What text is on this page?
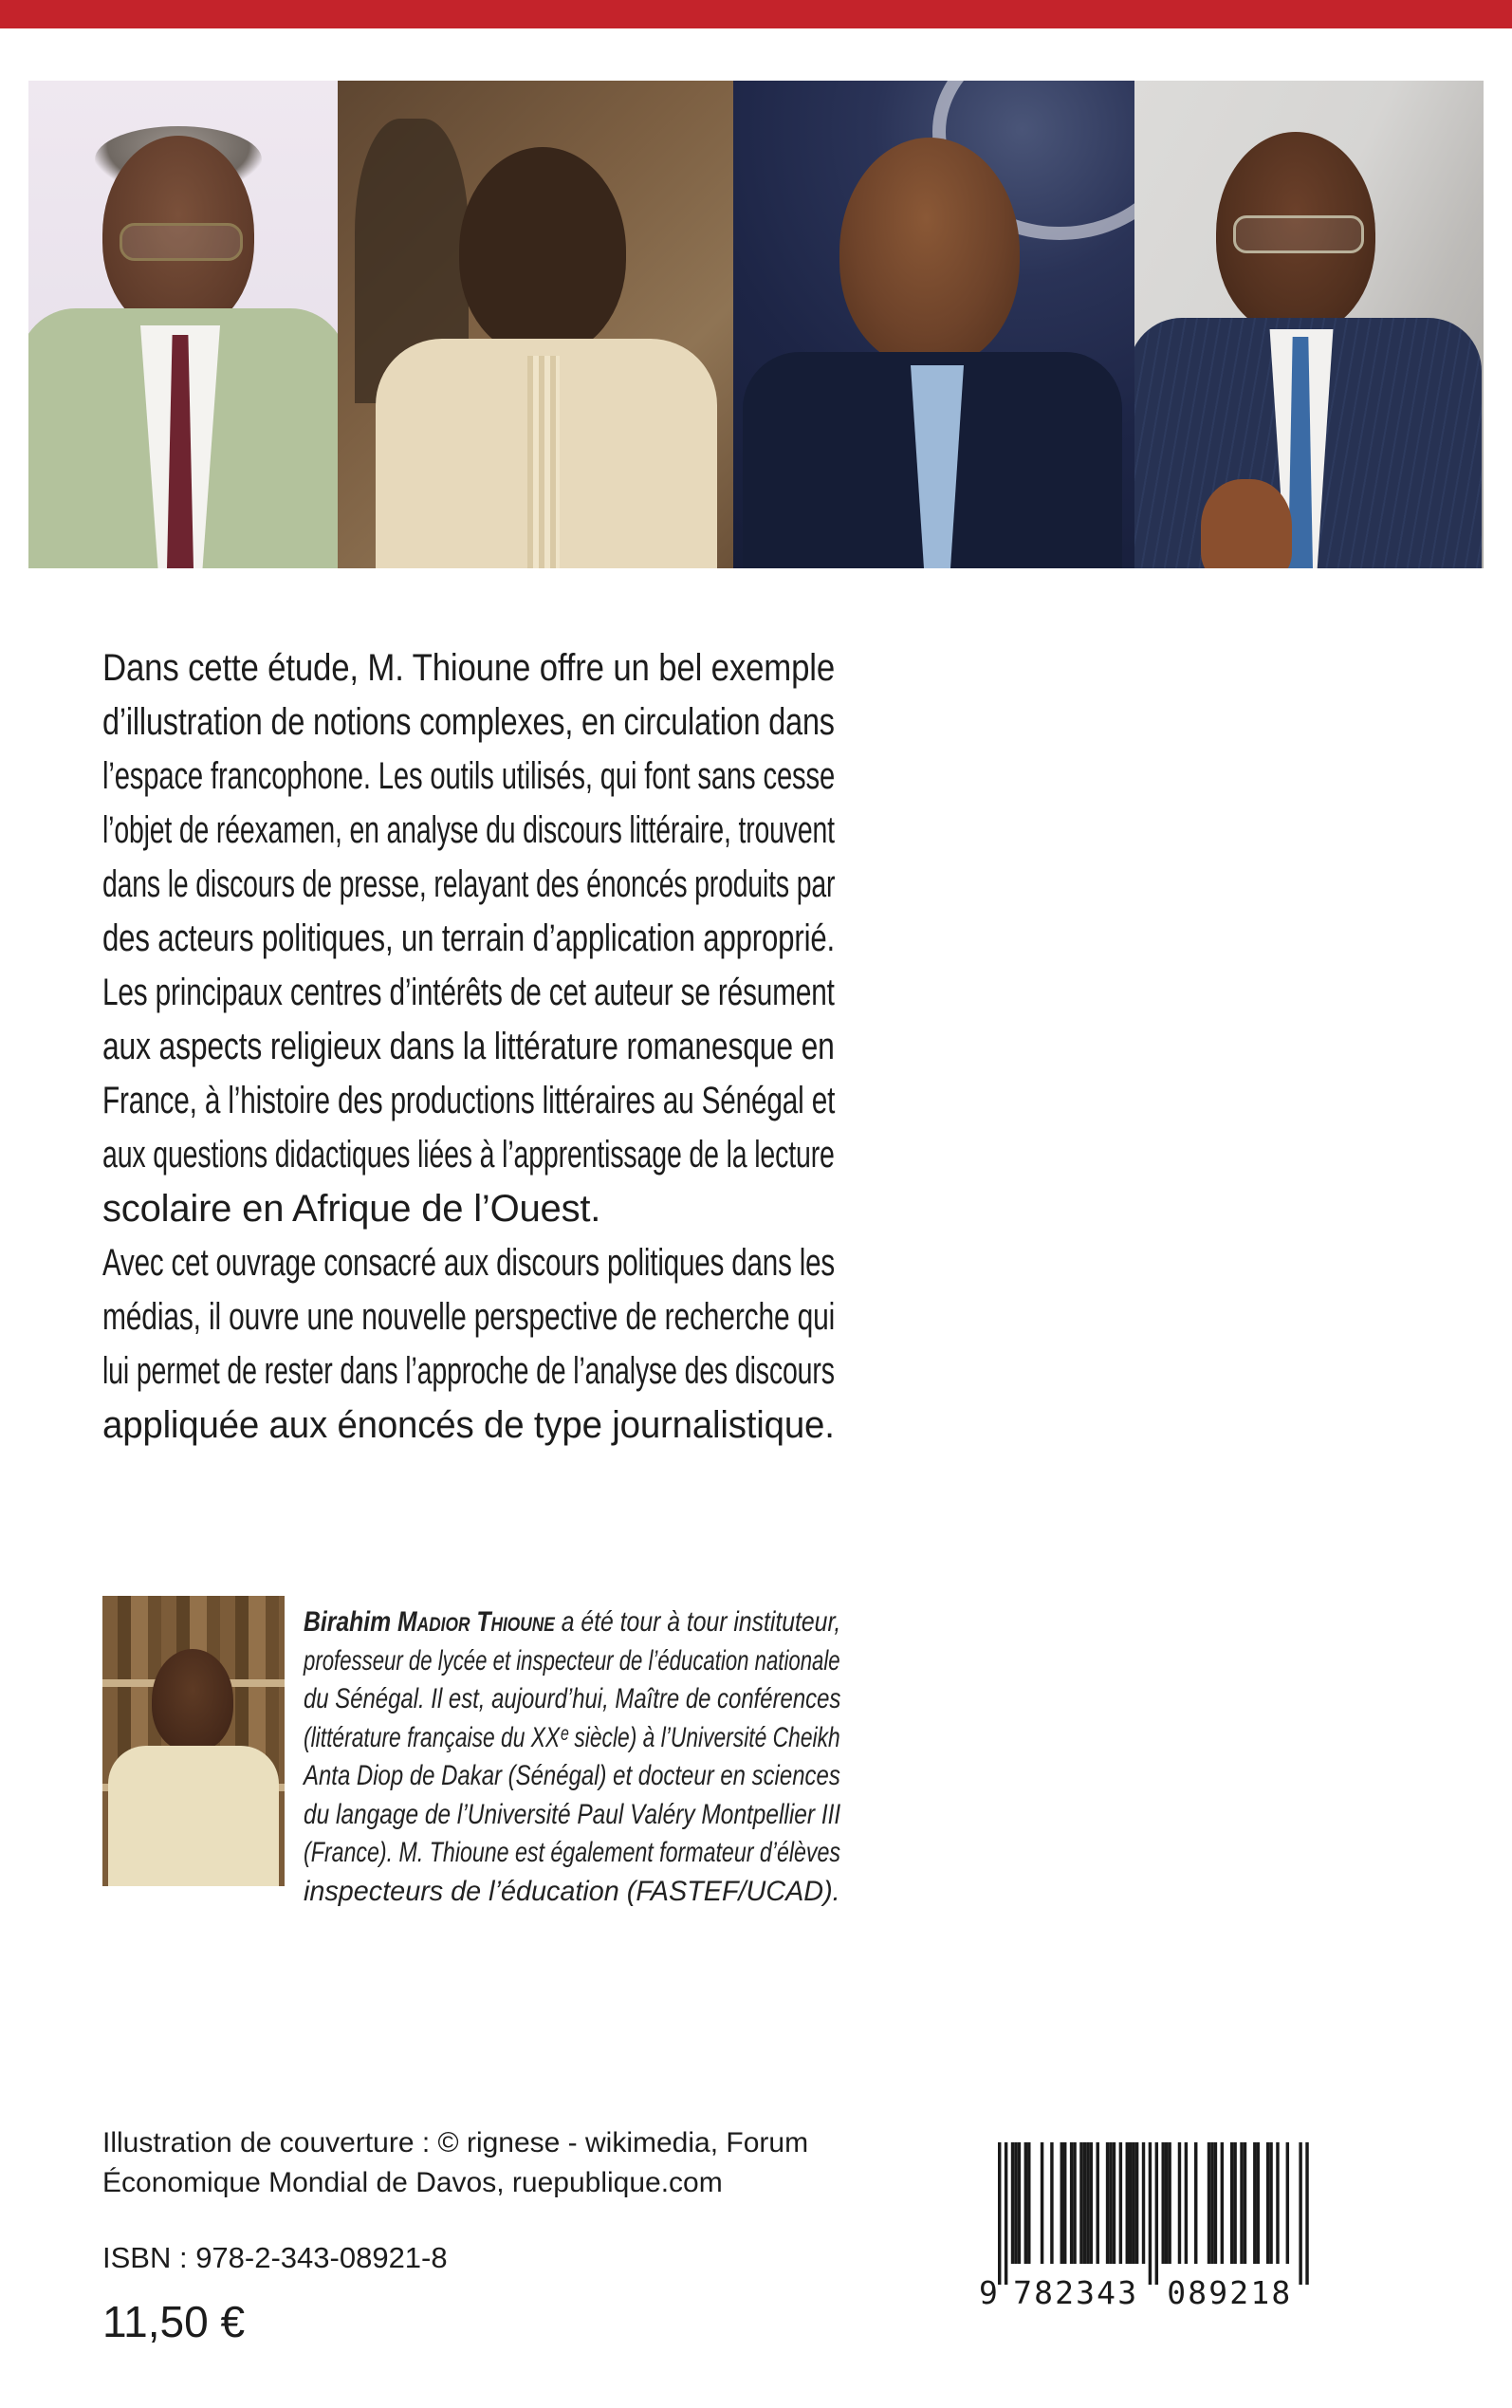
Dans cette étude, M. Thioune offre un bel exemple
d’illustration de notions complexes, en circulation dans
l’espace francophone. Les outils utilisés, qui font sans cesse
l’objet de réexamen, en analyse du discours littéraire, trouvent
dans le discours de presse, relayant des énoncés produits par
des acteurs politiques, un terrain d’application approprié.
Les principaux centres d’intérêts de cet auteur se résument
aux aspects religieux dans la littérature romanesque en
France, à l’histoire des productions littéraires au Sénégal et
aux questions didactiques liées à l’apprentissage de la lecture
scolaire en Afrique de l’Ouest.
Avec cet ouvrage consacré aux discours politiques dans les
médias, il ouvre une nouvelle perspective de recherche qui
lui permet de rester dans l’approche de l’analyse des discours
appliquée aux énoncés de type journalistique.
Birahim Madior Thioune a été tour à tour instituteur,
professeur de lycée et inspecteur de l’éducation nationale
du Sénégal. Il est, aujourd’hui, Maître de conférences
(littérature française du XXᵉ siècle) à l’Université Cheikh
Anta Diop de Dakar (Sénégal) et docteur en sciences
du langage de l’Université Paul Valéry Montpellier III
(France). M. Thioune est également formateur d’élèves
inspecteurs de l’éducation (FASTEF/UCAD).
Illustration de couverture : © rignese - wikimedia, Forum
Économique Mondial de Davos, ruepublique.com
ISBN : 978-2-343-08921-8
11,50 €
9 782343 089218
